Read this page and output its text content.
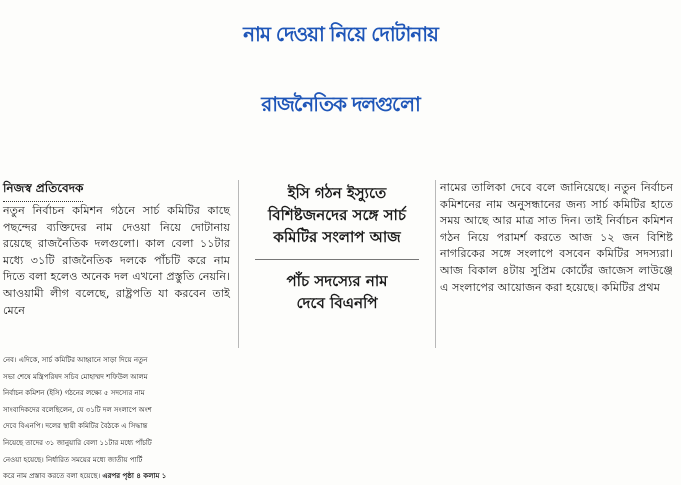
নাম দেওয়া নিয়ে দোটানায়
রাজনৈতিক দলগুলো
নিজস্ব প্রতিবেদক

নতুন নির্বাচন কমিশন গঠনে সার্চ কমিটির কাছে পছন্দের ব্যক্তিদের নাম দেওয়া নিয়ে দোটানায় রয়েছে রাজনৈতিক দলগুলো। কাল বেলা ১১টার মধ্যে ৩১টি রাজনৈতিক দলকে পাঁচটি করে নাম দিতে বলা হলেও অনেক দল এখনো প্রস্তুতি নেয়নি। আওয়ামী লীগ বলেছে, রাষ্ট্রপতি যা করবেন তাই মেনে

ইসি গঠন ইস্যুতে
বিশিষ্টজনদের সঙ্গে সার্চ
কমিটির সংলাপ আজ
পাঁচ সদস্যের নাম
দেবে বিএনপি

নামের তালিকা দেবে বলে জানিয়েছে। নতুন নির্বাচন কমিশনের নাম অনুসন্ধানের জন্য সার্চ কমিটির হাতে সময় আছে আর মাত্র সাত দিন। তাই নির্বাচন কমিশন গঠন নিয়ে পরামর্শ করতে আজ ১২ জন বিশিষ্ট নাগরিকের সঙ্গে সংলাপে বসবেন কমিটির সদস্যরা। আজ বিকাল ৪টায় সুপ্রিম কোর্টের জাজেস লাউঞ্জে এ সংলাপের আয়োজন করা হয়েছে। কমিটির প্রথম

নেব। এদিকে, সার্চ কমিটির আহ্বানে সাড়া দিয়ে নতুন
সভা শেষে মন্ত্রিপরিষদ সচিব মোহাম্মদ শফিউল আলম
নির্বাচন কমিশন (ইসি) গঠনের লক্ষ্যে ৫ সদস্যের নাম
সাংবাদিকদের বলেছিলেন, যে ৩১টি দল সংলাপে অংশ
দেবে বিএনপি। দলের স্থায়ী কমিটির বৈঠকে এ সিদ্ধান্ত
নিয়েছে তাদের ৩১ জানুয়ারি বেলা ১১টার মধ্যে পাঁচটি
নেওয়া হয়েছে। নির্ধারিত সময়ের মধ্যে জাতীয় পার্টি
করে নাম প্রস্তাব করতে বলা হয়েছে। এরপর পৃষ্ঠা ৪ কলাম ১
